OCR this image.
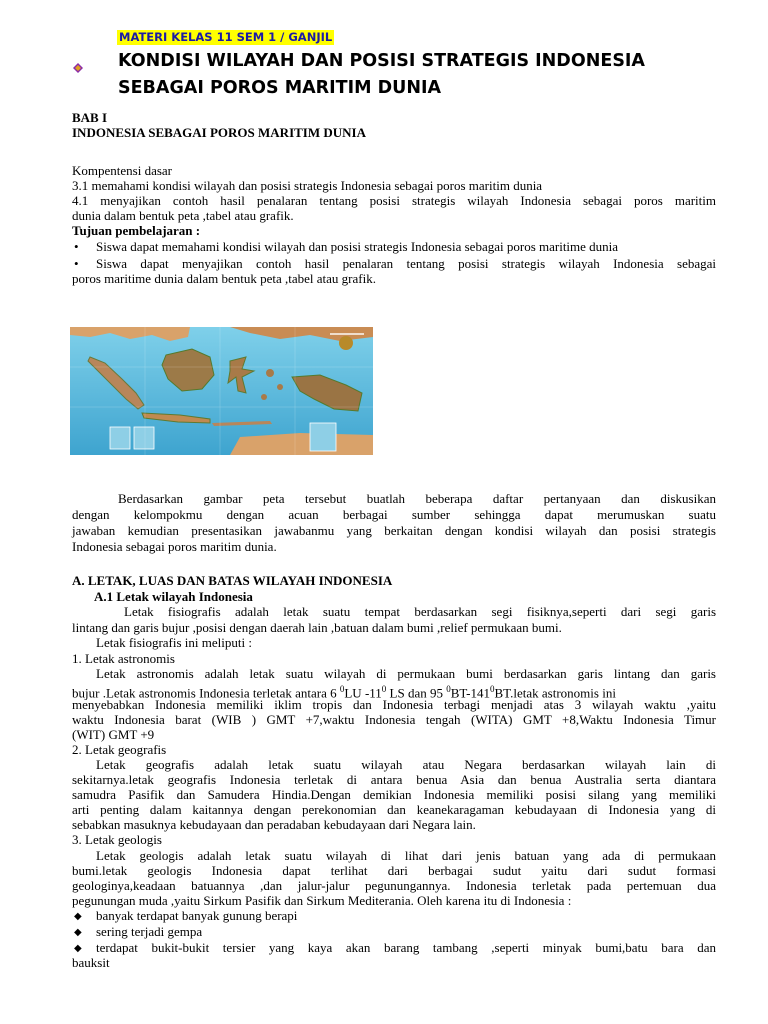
MATERI KELAS 11 SEM 1 / GANJIL
KONDISI WILAYAH DAN POSISI STRATEGIS INDONESIA
SEBAGAI POROS MARITIM DUNIA
BAB I
INDONESIA SEBAGAI POROS MARITIM DUNIA
Kompentensi dasar
3.1 memahami kondisi wilayah dan posisi strategis Indonesia sebagai poros maritim dunia
4.1 menyajikan contoh hasil penalaran tentang posisi strategis wilayah Indonesia sebagai poros maritim
dunia dalam bentuk peta ,tabel atau grafik.
Tujuan pembelajaran :
• Siswa dapat memahami kondisi wilayah dan posisi strategis Indonesia sebagai poros maritime dunia
• Siswa dapat menyajikan contoh hasil penalaran tentang posisi strategis wilayah Indonesia sebagai
poros maritime dunia dalam bentuk peta ,tabel atau grafik.
Berdasarkan gambar peta tersebut buatlah beberapa daftar pertanyaan dan diskusikan
dengan kelompokmu dengan acuan berbagai sumber sehingga dapat merumuskan suatu
jawaban kemudian presentasikan jawabanmu yang berkaitan dengan kondisi wilayah dan posisi strategis
Indonesia sebagai poros maritim dunia.
A. LETAK, LUAS DAN BATAS WILAYAH INDONESIA
A.1 Letak wilayah Indonesia
Letak fisiografis adalah letak suatu tempat berdasarkan segi fisiknya,seperti dari segi garis
lintang dan garis bujur ,posisi dengan daerah lain ,batuan dalam bumi ,relief permukaan bumi.
Letak fisiografis ini meliputi :
1. Letak astronomis
Letak astronomis adalah letak suatu wilayah di permukaan bumi berdasarkan garis lintang dan garis
bujur .Letak astronomis Indonesia terletak antara 6 $^0$LU $-11^0$ LS dan 95 $^0BT-141^0BT.letak$ astronomis ini
menyebabkan Indonesia memiliki iklim tropis dan Indonesia terbagi menjadi atas 3 wilayah waktu ,yaitu
waktu Indonesia barat (WIB ) GMT +7,waktu Indonesia tengah (WITA) GMT +8,Waktu Indonesia Timur
(WIT) GMT +9
2. Letak geografis
Letak geografis adalah letak suatu wilayah atau Negara berdasarkan wilayah lain di
sekitarnya.letak geografis Indonesia terletak di antara benua Asia dan benua Australia serta diantara
samudra Pasifik dan Samudera Hindia.Dengan demikian Indonesia memiliki posisi silang yang memiliki
arti penting dalam kaitannya dengan perekonomian dan keanekaragaman kebudayaan di Indonesia yang di
sebabkan masuknya kebudayaan dan peradaban kebudayaan dari Negara lain.
3. Letak geologis
Letak geologis adalah letak suatu wilayah di lihat dari jenis batuan yang ada di permukaan
bumi.letak geologis Indonesia dapat terlihat dari berbagai sudut yaitu dari sudut formasi
geologinya,keadaan batuannya ,dan jalur-jalur pegunungannya. Indonesia terletak pada pertemuan dua
pegunungan muda ,yaitu Sirkum Pasifik dan Sirkum Mediterania. Oleh karena itu di Indonesia :
◆ banyak terdapat banyak gunung berapi
◆ sering terjadi gempa
◆ terdapat bukit-bukit tersier yang kaya akan barang tambang ,seperti minyak bumi,batu bara dan
bauksit
